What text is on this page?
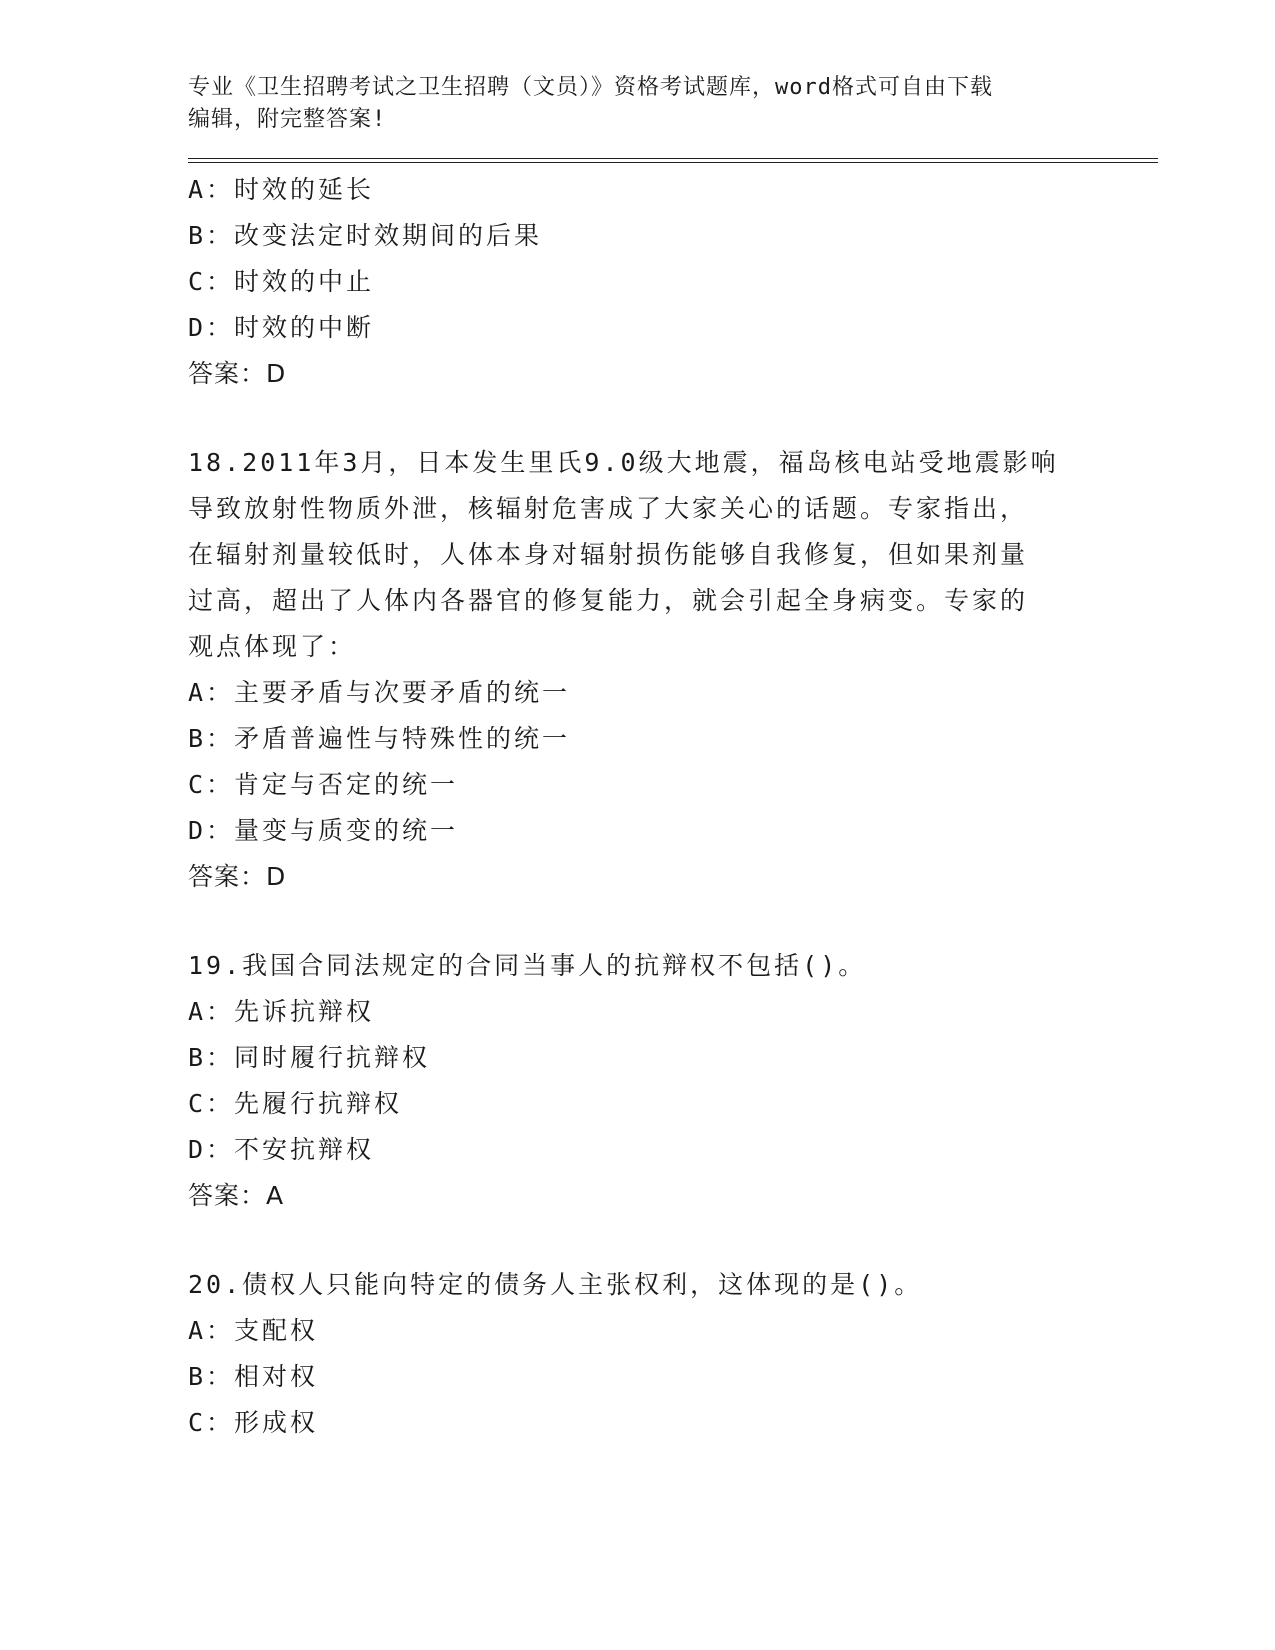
专业《卫生招聘考试之卫生招聘（文员）》资格考试题库，word格式可自由下载
编辑，附完整答案!
A：时效的延长
B：改变法定时效期间的后果
C：时效的中止
D：时效的中断
答案：D
18.2011年3月，日本发生里氏9.0级大地震，福岛核电站受地震影响
导致放射性物质外泄，核辐射危害成了大家关心的话题。专家指出，
在辐射剂量较低时，人体本身对辐射损伤能够自我修复，但如果剂量
过高，超出了人体内各器官的修复能力，就会引起全身病变。专家的
观点体现了：
A：主要矛盾与次要矛盾的统一
B：矛盾普遍性与特殊性的统一
C：肯定与否定的统一
D：量变与质变的统一
答案：D
19.我国合同法规定的合同当事人的抗辩权不包括()。
A：先诉抗辩权
B：同时履行抗辩权
C：先履行抗辩权
D：不安抗辩权
答案：A
20.债权人只能向特定的债务人主张权利，这体现的是()。
A：支配权
B：相对权
C：形成权
